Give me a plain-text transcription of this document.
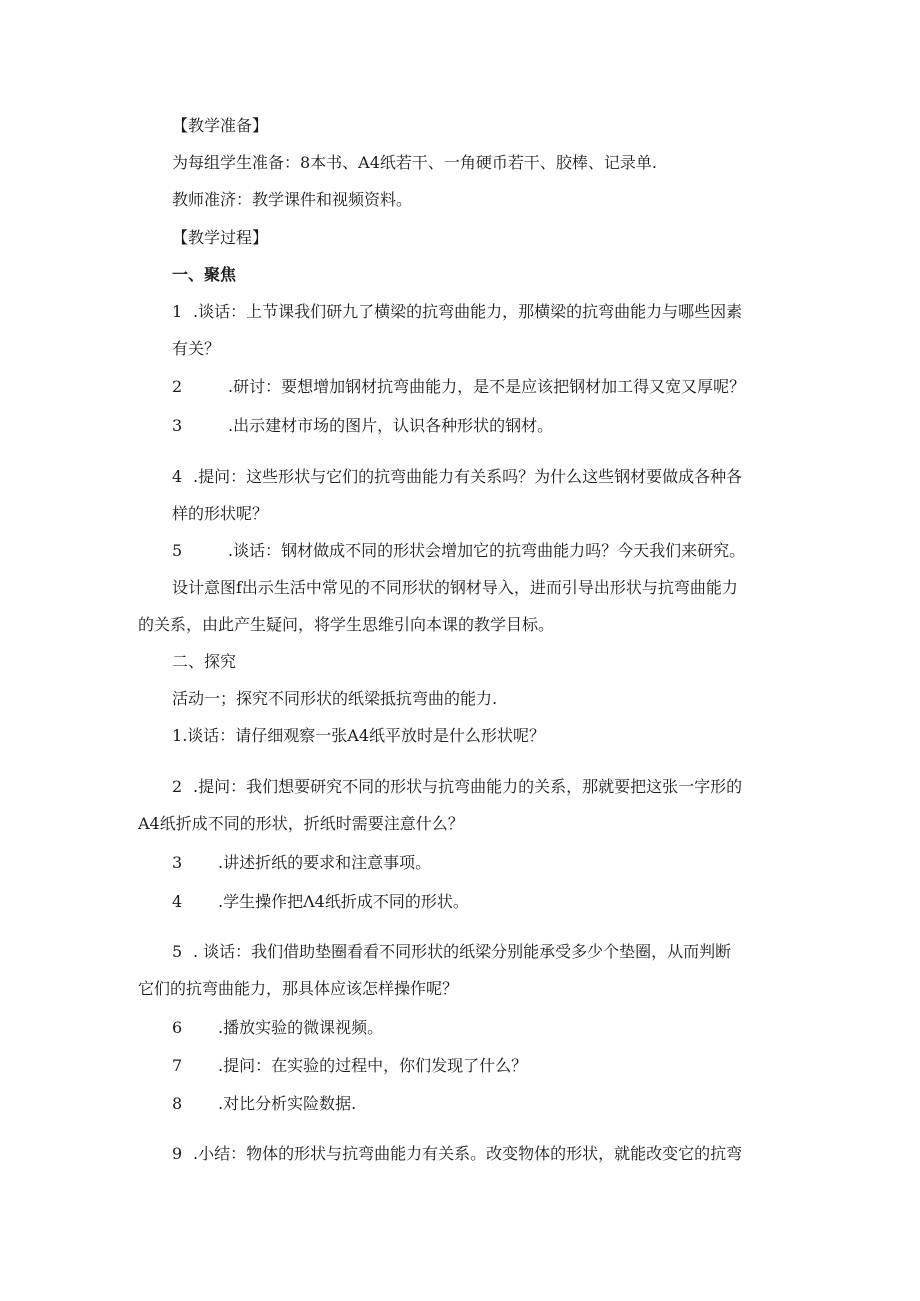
【教学准备】

为每组学生准备：8本书、A4纸若干、一角硬币若干、胶棒、记录单.

教师准济：教学课件和视频资料。

【教学过程】

一、聚焦

1 .谈话：上节课我们研九了横梁的抗弯曲能力，那横梁的抗弯曲能力与哪些因素

有关？

2	.研讨：要想增加钢材抗弯曲能力，是不是应该把钢材加工得又宽又厚呢？

3	.出示建材市场的图片，认识各种形状的钢材。

4 .提问：这些形状与它们的抗弯曲能力有关系吗？为什么这些钢材要做成各种各

样的形状呢？

5	.谈话：钢材做成不同的形状会增加它的抗弯曲能力吗？今天我们来研究。

设计意图f出示生活中常见的不同形状的钢材导入，进而引导出形状与抗弯曲能力

的关系，由此产生疑问，将学生思维引向本课的教学目标。

二、探究

活动一；探究不同形状的纸梁抵抗弯曲的能力.

1.谈话：请仔细观察一张A4纸平放时是什么形状呢？

2 .提问：我们想要研究不同的形状与抗弯曲能力的关系，那就要把这张一字形的

A4纸折成不同的形状，折纸时需要注意什么？

3 .讲述折纸的要求和注意事项。

4 .学生操作把Λ4纸折成不同的形状。

5 . 谈话：我们借助垫圈看看不同形状的纸梁分别能承受多少个垫圈，从而判断

它们的抗弯曲能力，那具体应该怎样操作呢？

6 .播放实验的微课视频。

7 .提问：在实验的过程中，你们发现了什么？

8 .对比分析实险数据.

9 .小结：物体的形状与抗弯曲能力有关系。改变物体的形状，就能改变它的抗弯
